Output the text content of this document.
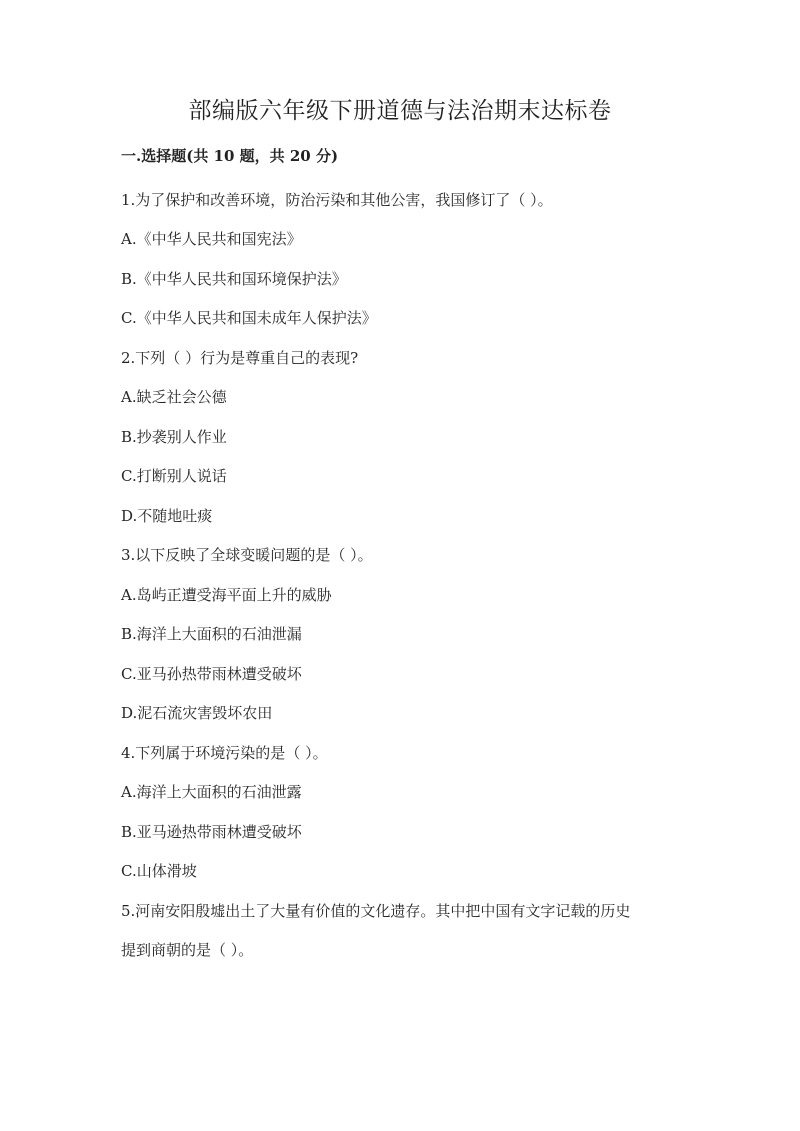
部编版六年级下册道德与法治期末达标卷
一.选择题(共 10 题，共 20 分)
1.为了保护和改善环境，防治污染和其他公害，我国修订了（ ）。
A.《中华人民共和国宪法》
B.《中华人民共和国环境保护法》
C.《中华人民共和国未成年人保护法》
2.下列（ ）行为是尊重自己的表现?
A.缺乏社会公德
B.抄袭别人作业
C.打断别人说话
D.不随地吐痰
3.以下反映了全球变暖问题的是（ ）。
A.岛屿正遭受海平面上升的威胁
B.海洋上大面积的石油泄漏
C.亚马孙热带雨林遭受破坏
D.泥石流灾害毁坏农田
4.下列属于环境污染的是（ ）。
A.海洋上大面积的石油泄露
B.亚马逊热带雨林遭受破坏
C.山体滑坡
5.河南安阳殷墟出土了大量有价值的文化遗存。其中把中国有文字记载的历史
提到商朝的是（ ）。
